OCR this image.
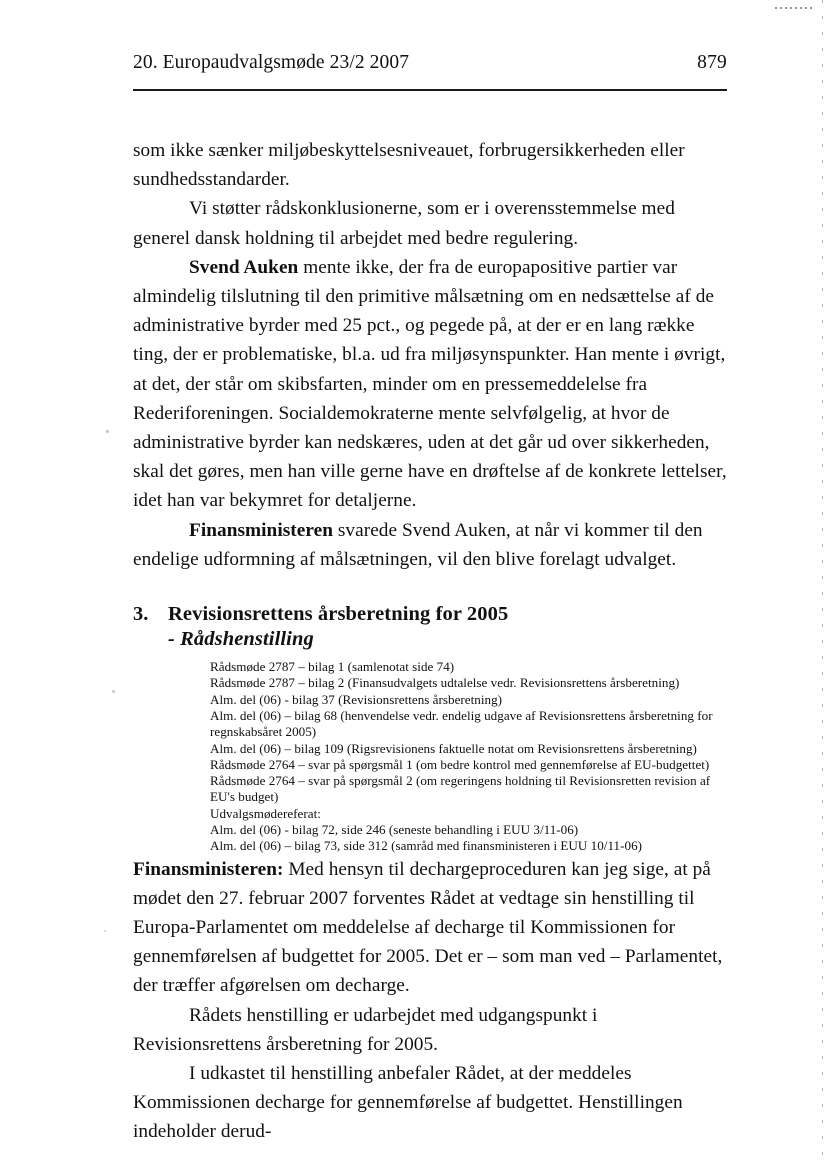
20. Europaudvalgsmøde 23/2 2007	879

som ikke sænker miljøbeskyttelsesniveauet, forbrugersikkerheden eller sundhedsstandarder.

Vi støtter rådskonklusionerne, som er i overensstemmelse med generel dansk holdning til arbejdet med bedre regulering.

Svend Auken mente ikke, der fra de europapositive partier var almindelig tilslutning til den primitive målsætning om en nedsættelse af de administrative byrder med 25 pct., og pegede på, at der er en lang række ting, der er problematiske, bl.a. ud fra miljøsynspunkter. Han mente i øvrigt, at det, der står om skibsfarten, minder om en pressemeddelelse fra Rederiforeningen. Socialdemokraterne mente selvfølgelig, at hvor de administrative byrder kan nedskæres, uden at det går ud over sikkerheden, skal det gøres, men han ville gerne have en drøftelse af de konkrete lettelser, idet han var bekymret for detaljerne.

Finansministeren svarede Svend Auken, at når vi kommer til den endelige udformning af målsætningen, vil den blive forelagt udvalget.

3. Revisionsrettens årsberetning for 2005
- Rådshenstilling
Rådsmøde 2787 – bilag 1 (samlenotat side 74)
Rådsmøde 2787 – bilag 2 (Finansudvalgets udtalelse vedr. Revisionsrettens årsberetning)
Alm. del (06) - bilag 37 (Revisionsrettens årsberetning)
Alm. del (06) – bilag 68 (henvendelse vedr. endelig udgave af Revisionsrettens årsberetning for regnskabsåret 2005)
Alm. del (06) – bilag 109 (Rigsrevisionens faktuelle notat om Revisionsrettens årsberetning)
Rådsmøde 2764 – svar på spørgsmål 1 (om bedre kontrol med gennemførelse af EU-budgettet)
Rådsmøde 2764 – svar på spørgsmål 2 (om regeringens holdning til Revisionsretten revision af EU's budget)
Udvalgsmødereferat:
Alm. del (06) - bilag 72, side 246 (seneste behandling i EUU 3/11-06)
Alm. del (06) – bilag 73, side 312 (samråd med finansministeren i EUU 10/11-06)

Finansministeren: Med hensyn til dechargeproceduren kan jeg sige, at på mødet den 27. februar 2007 forventes Rådet at vedtage sin henstilling til Europa-Parlamentet om meddelelse af decharge til Kommissionen for gennemførelsen af budgettet for 2005. Det er – som man ved – Parlamentet, der træffer afgørelsen om decharge.

Rådets henstilling er udarbejdet med udgangspunkt i Revisionsrettens årsberetning for 2005.

I udkastet til henstilling anbefaler Rådet, at der meddeles Kommissionen decharge for gennemførelse af budgettet. Henstillingen indeholder derud-
